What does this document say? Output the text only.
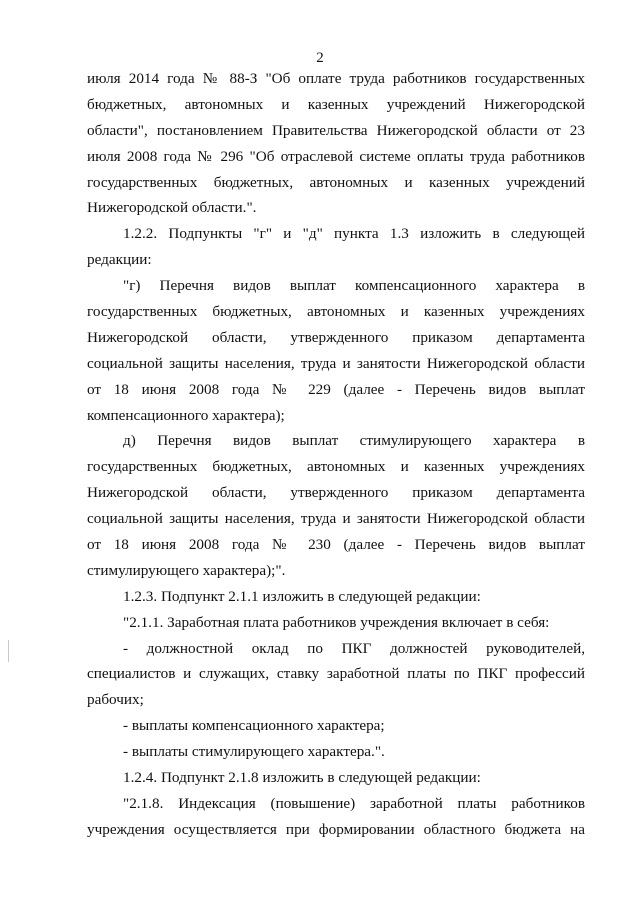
2

июля 2014 года № 88-З "Об оплате труда работников государственных
бюджетных, автономных и казенных учреждений Нижегородской
области", постановлением Правительства Нижегородской области от 23
июля 2008 года № 296 "Об отраслевой системе оплаты труда работников
государственных бюджетных, автономных и казенных учреждений
Нижегородской области.".

1.2.2. Подпункты "г" и "д" пункта 1.3 изложить в следующей
редакции:

"г) Перечня видов выплат компенсационного характера в
государственных бюджетных, автономных и казенных учреждениях
Нижегородской области, утвержденного приказом департамента
социальной защиты населения, труда и занятости Нижегородской области
от 18 июня 2008 года № 229 (далее - Перечень видов выплат
компенсационного характера);

д) Перечня видов выплат стимулирующего характера в
государственных бюджетных, автономных и казенных учреждениях
Нижегородской области, утвержденного приказом департамента
социальной защиты населения, труда и занятости Нижегородской области
от 18 июня 2008 года № 230 (далее - Перечень видов выплат
стимулирующего характера);".

1.2.3. Подпункт 2.1.1 изложить в следующей редакции:

"2.1.1. Заработная плата работников учреждения включает в себя:

- должностной оклад по ПКГ должностей руководителей,
специалистов и служащих, ставку заработной платы по ПКГ профессий
рабочих;

- выплаты компенсационного характера;

- выплаты стимулирующего характера.".

1.2.4. Подпункт 2.1.8 изложить в следующей редакции:

"2.1.8. Индексация (повышение) заработной платы работников
учреждения осуществляется при формировании областного бюджета на
